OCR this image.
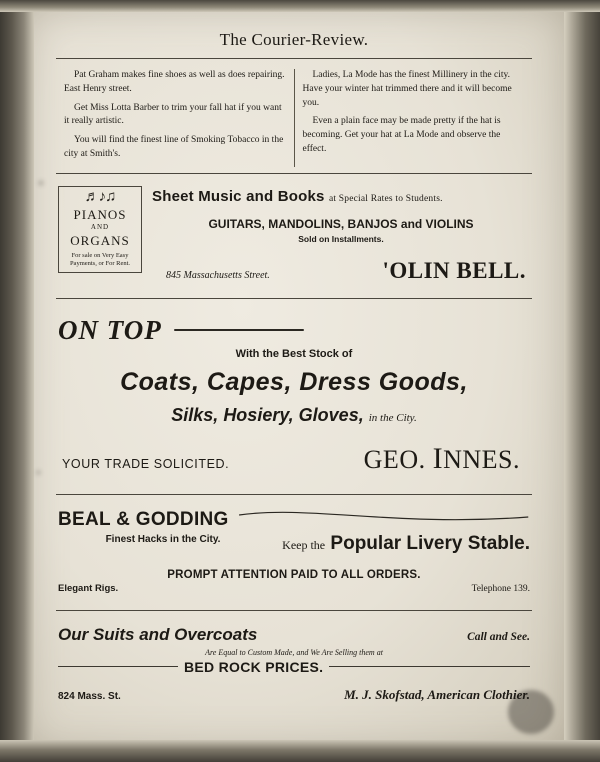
The Courier-Review.

Pat Graham makes fine shoes as well as does repairing. East Henry street.

Get Miss Lotta Barber to trim your fall hat if you want it really artistic.

You will find the finest line of Smoking Tobacco in the city at Smith's.

Ladies, La Mode has the finest Millinery in the city. Have your winter hat trimmed there and it will become you.

Even a plain face may be made pretty if the hat is becoming. Get your hat at La Mode and observe the effect.

♬♪♫
PIANOS
AND
ORGANS
For sale on Very Easy Payments, or For Rent.
Sheet Music and Books at Special Rates to Students.
GUITARS, MANDOLINS, BANJOS and VIOLINS
Sold on Installments.
845 Massachusetts Street.	'OLIN BELL.
ON TOP
With the Best Stock of
Coats, Capes, Dress Goods,
Silks, Hosiery, Gloves, in the City.
YOUR TRADE SOLICITED.	GEO. INNES.
BEAL & GODDING
Finest Hacks in the City.	Keep the Popular Livery Stable.
PROMPT ATTENTION PAID TO ALL ORDERS.
Elegant Rigs.	Telephone 139.
Our Suits and Overcoats	Call and See.
Are Equal to Custom Made, and We Are Selling them at
BED ROCK PRICES.
824 Mass. St.	M. J. Skofstad, American Clothier.
